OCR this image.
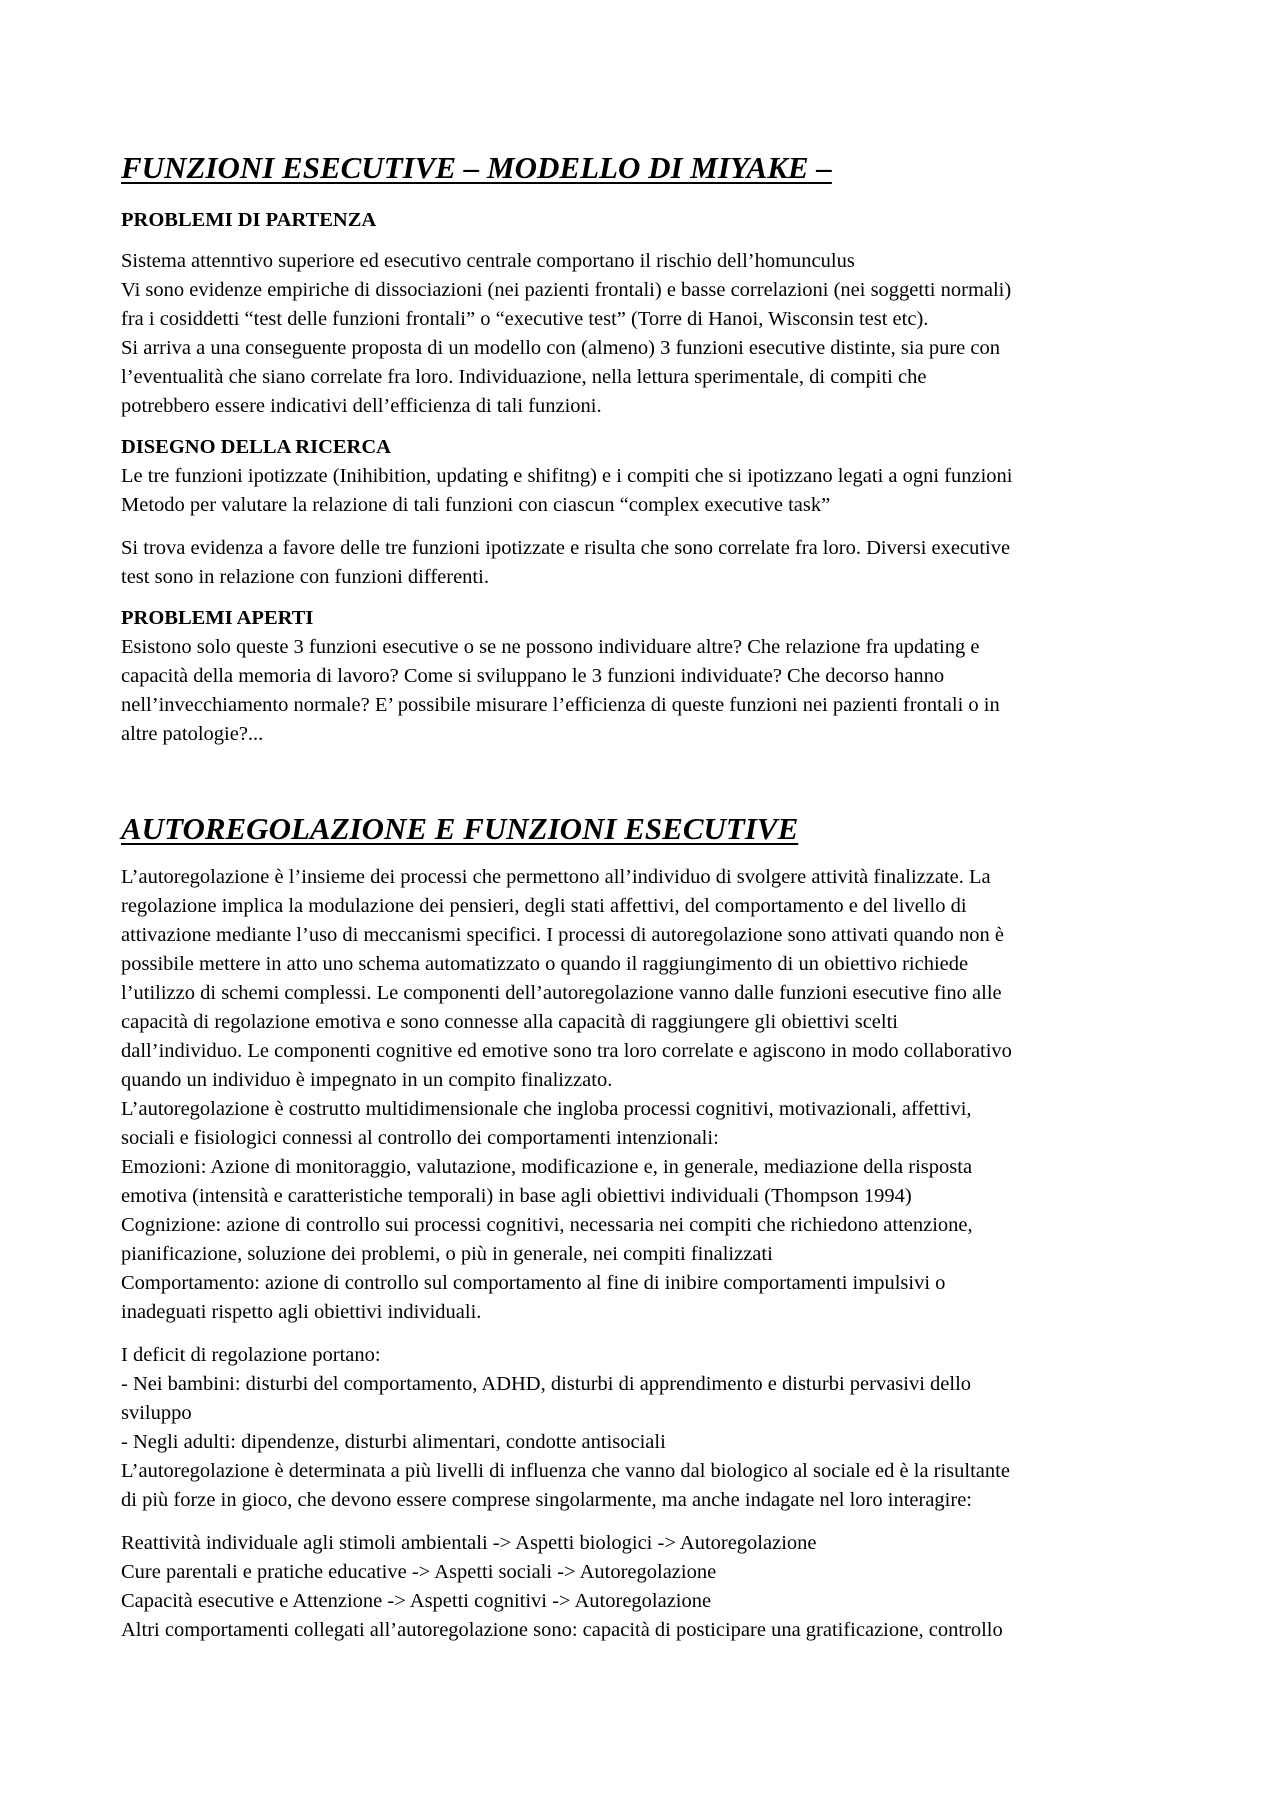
FUNZIONI ESECUTIVE – MODELLO DI MIYAKE –
PROBLEMI DI PARTENZA

Sistema attenntivo superiore ed esecutivo centrale comportano il rischio dell’homunculus
Vi sono evidenze empiriche di dissociazioni (nei pazienti frontali) e basse correlazioni (nei soggetti normali)
fra i cosiddetti “test delle funzioni frontali” o “executive test” (Torre di Hanoi, Wisconsin test etc).
Si arriva a una conseguente proposta di un modello con (almeno) 3 funzioni esecutive distinte, sia pure con
l’eventualità che siano correlate fra loro. Individuazione, nella lettura sperimentale, di compiti che
potrebbero essere indicativi dell’efficienza di tali funzioni.

DISEGNO DELLA RICERCA

Le tre funzioni ipotizzate (Inihibition, updating e shifitng) e i compiti che si ipotizzano legati a ogni funzioni
Metodo per valutare la relazione di tali funzioni con ciascun “complex executive task”

Si trova evidenza a favore delle tre funzioni ipotizzate e risulta che sono correlate fra loro. Diversi executive
test sono in relazione con funzioni differenti.

PROBLEMI APERTI

Esistono solo queste 3 funzioni esecutive o se ne possono individuare altre? Che relazione fra updating e
capacità della memoria di lavoro? Come si sviluppano le 3 funzioni individuate? Che decorso hanno
nell’invecchiamento normale? E’ possibile misurare l’efficienza di queste funzioni nei pazienti frontali o in
altre patologie?...

AUTOREGOLAZIONE E FUNZIONI ESECUTIVE

L’autoregolazione è l’insieme dei processi che permettono all’individuo di svolgere attività finalizzate. La
regolazione implica la modulazione dei pensieri, degli stati affettivi, del comportamento e del livello di
attivazione mediante l’uso di meccanismi specifici. I processi di autoregolazione sono attivati quando non è
possibile mettere in atto uno schema automatizzato o quando il raggiungimento di un obiettivo richiede
l’utilizzo di schemi complessi. Le componenti dell’autoregolazione vanno dalle funzioni esecutive fino alle
capacità di regolazione emotiva e sono connesse alla capacità di raggiungere gli obiettivi scelti
dall’individuo. Le componenti cognitive ed emotive sono tra loro correlate e agiscono in modo collaborativo
quando un individuo è impegnato in un compito finalizzato.
L’autoregolazione è costrutto multidimensionale che ingloba processi cognitivi, motivazionali, affettivi,
sociali e fisiologici connessi al controllo dei comportamenti intenzionali:
Emozioni: Azione di monitoraggio, valutazione, modificazione e, in generale, mediazione della risposta
emotiva (intensità e caratteristiche temporali) in base agli obiettivi individuali (Thompson 1994)
Cognizione: azione di controllo sui processi cognitivi, necessaria nei compiti che richiedono attenzione,
pianificazione, soluzione dei problemi, o più in generale, nei compiti finalizzati
Comportamento: azione di controllo sul comportamento al fine di inibire comportamenti impulsivi o
inadeguati rispetto agli obiettivi individuali.

I deficit di regolazione portano:
- Nei bambini: disturbi del comportamento, ADHD, disturbi di apprendimento e disturbi pervasivi dello
sviluppo
- Negli adulti: dipendenze, disturbi alimentari, condotte antisociali
L’autoregolazione è determinata a più livelli di influenza che vanno dal biologico al sociale ed è la risultante
di più forze in gioco, che devono essere comprese singolarmente, ma anche indagate nel loro interagire:

Reattività individuale agli stimoli ambientali -> Aspetti biologici -> Autoregolazione
Cure parentali e pratiche educative -> Aspetti sociali -> Autoregolazione
Capacità esecutive e Attenzione -> Aspetti cognitivi -> Autoregolazione
Altri comportamenti collegati all’autoregolazione sono: capacità di posticipare una gratificazione, controllo
